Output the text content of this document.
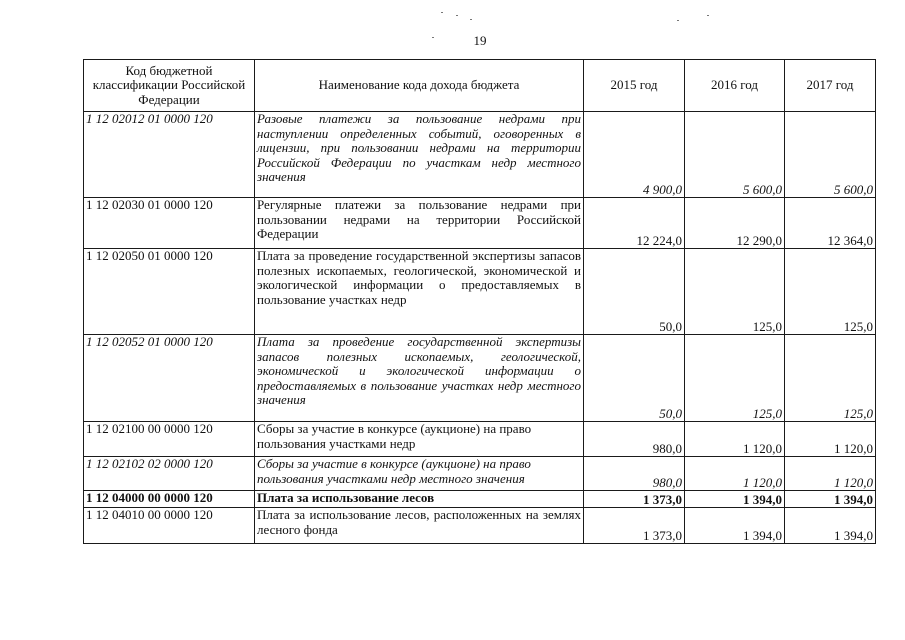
19
Код бюджетной классификации Российской Федерации	Наименование кода дохода бюджета	2015 год	2016 год	2017 год
1 12 02012 01 0000 120	Разовые платежи за пользование недрами при наступлении определенных событий, оговоренных в лицензии, при пользовании недрами на территории Российской Федерации по участкам недр местного значения	4 900,0	5 600,0	5 600,0
1 12 02030 01 0000 120	Регулярные платежи за пользование недрами при пользовании недрами на территории Российской Федерации	12 224,0	12 290,0	12 364,0
1 12 02050 01 0000 120	Плата за проведение государственной экспертизы запасов полезных ископаемых, геологической, экономической и экологической информации о предоставляемых в пользование участках недр	50,0	125,0	125,0
1 12 02052 01 0000 120	Плата за проведение государственной экспертизы запасов полезных ископаемых, геологической, экономической и экологической информации о предоставляемых в пользование участках недр местного значения	50,0	125,0	125,0
1 12 02100 00 0000 120	Сборы за участие в конкурсе (аукционе) на право пользования участками недр	980,0	1 120,0	1 120,0
1 12 02102 02 0000 120	Сборы за участие в конкурсе (аукционе) на право пользования участками недр местного значения	980,0	1 120,0	1 120,0
1 12 04000 00 0000 120	Плата за использование лесов	1 373,0	1 394,0	1 394,0
1 12 04010 00 0000 120	Плата за использование лесов, расположенных на землях лесного фонда	1 373,0	1 394,0	1 394,0
